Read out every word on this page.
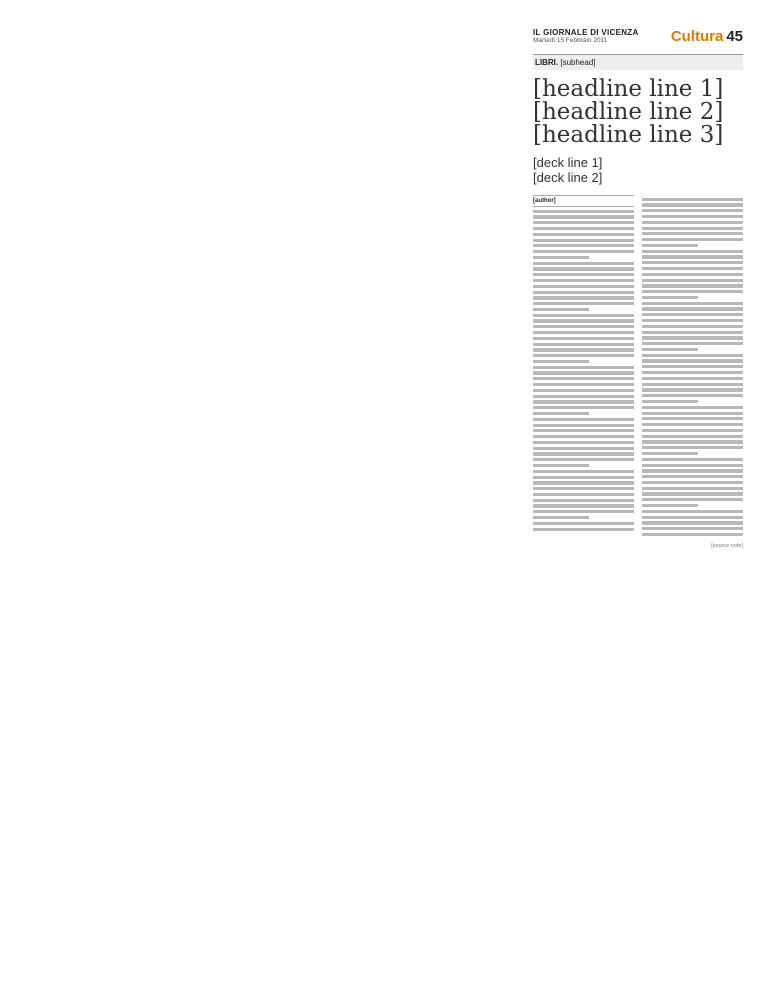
IL GIORNALE DI VICENZA
Martedì 15 Febbraio 2011	Cultura 45
LIBRI. [subhead]
[headline line 1]
[headline line 2]
[headline line 3]
[deck line 1]
[deck line 2]
[author]
[source note]
